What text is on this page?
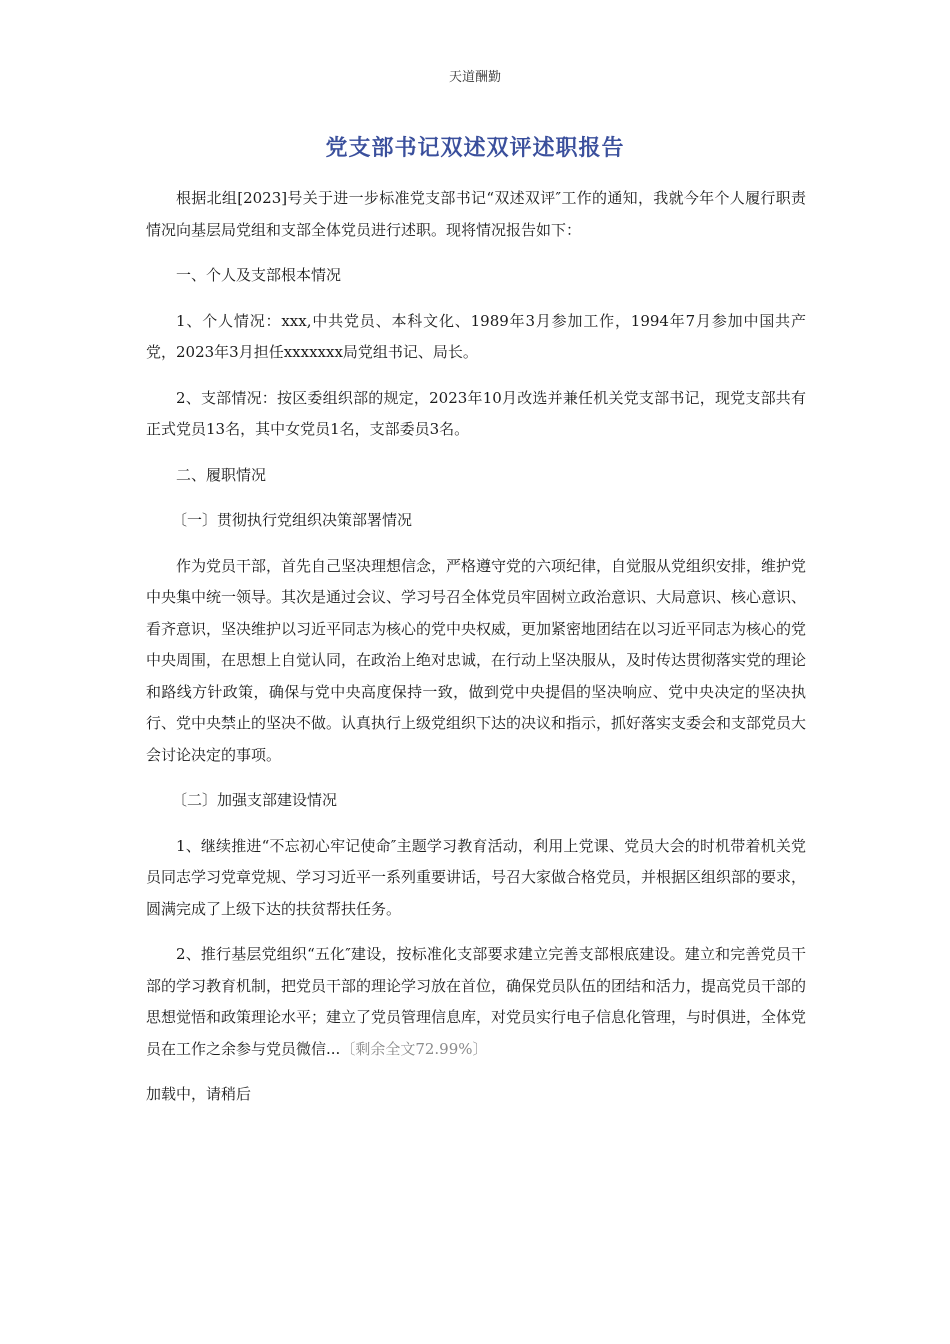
天道酬勤
党支部书记双述双评述职报告

根据北组[2023]号关于进一步标准党支部书记“双述双评″工作的通知，我就今年个人履行职责情况向基层局党组和支部全体党员进行述职。现将情况报告如下：

一、个人及支部根本情况

1、个人情况：xxx,中共党员、本科文化、1989年3月参加工作，1994年7月参加中国共产党，2023年3月担任xxxxxxx局党组书记、局长。

2、支部情况：按区委组织部的规定，2023年10月改选并兼任机关党支部书记，现党支部共有正式党员13名，其中女党员1名，支部委员3名。

二、履职情况

〔一〕贯彻执行党组织决策部署情况

作为党员干部，首先自己坚决理想信念，严格遵守党的六项纪律，自觉服从党组织安排，维护党中央集中统一领导。其次是通过会议、学习号召全体党员牢固树立政治意识、大局意识、核心意识、看齐意识，坚决维护以习近平同志为核心的党中央权威，更加紧密地团结在以习近平同志为核心的党中央周围，在思想上自觉认同，在政治上绝对忠诚，在行动上坚决服从，及时传达贯彻落实党的理论和路线方针政策，确保与党中央高度保持一致，做到党中央提倡的坚决响应、党中央决定的坚决执行、党中央禁止的坚决不做。认真执行上级党组织下达的决议和指示，抓好落实支委会和支部党员大会讨论决定的事项。

〔二〕加强支部建设情况

1、继续推进“不忘初心牢记使命″主题学习教育活动，利用上党课、党员大会的时机带着机关党员同志学习党章党规、学习习近平一系列重要讲话，号召大家做合格党员，并根据区组织部的要求，圆满完成了上级下达的扶贫帮扶任务。

2、推行基层党组织“五化″建设，按标准化支部要求建立完善支部根底建设。建立和完善党员干部的学习教育机制，把党员干部的理论学习放在首位，确保党员队伍的团结和活力，提高党员干部的思想觉悟和政策理论水平；建立了党员管理信息库，对党员实行电子信息化管理，与时俱进，全体党员在工作之余参与党员微信...〔剩余全文72.99%〕

加载中，请稍后
